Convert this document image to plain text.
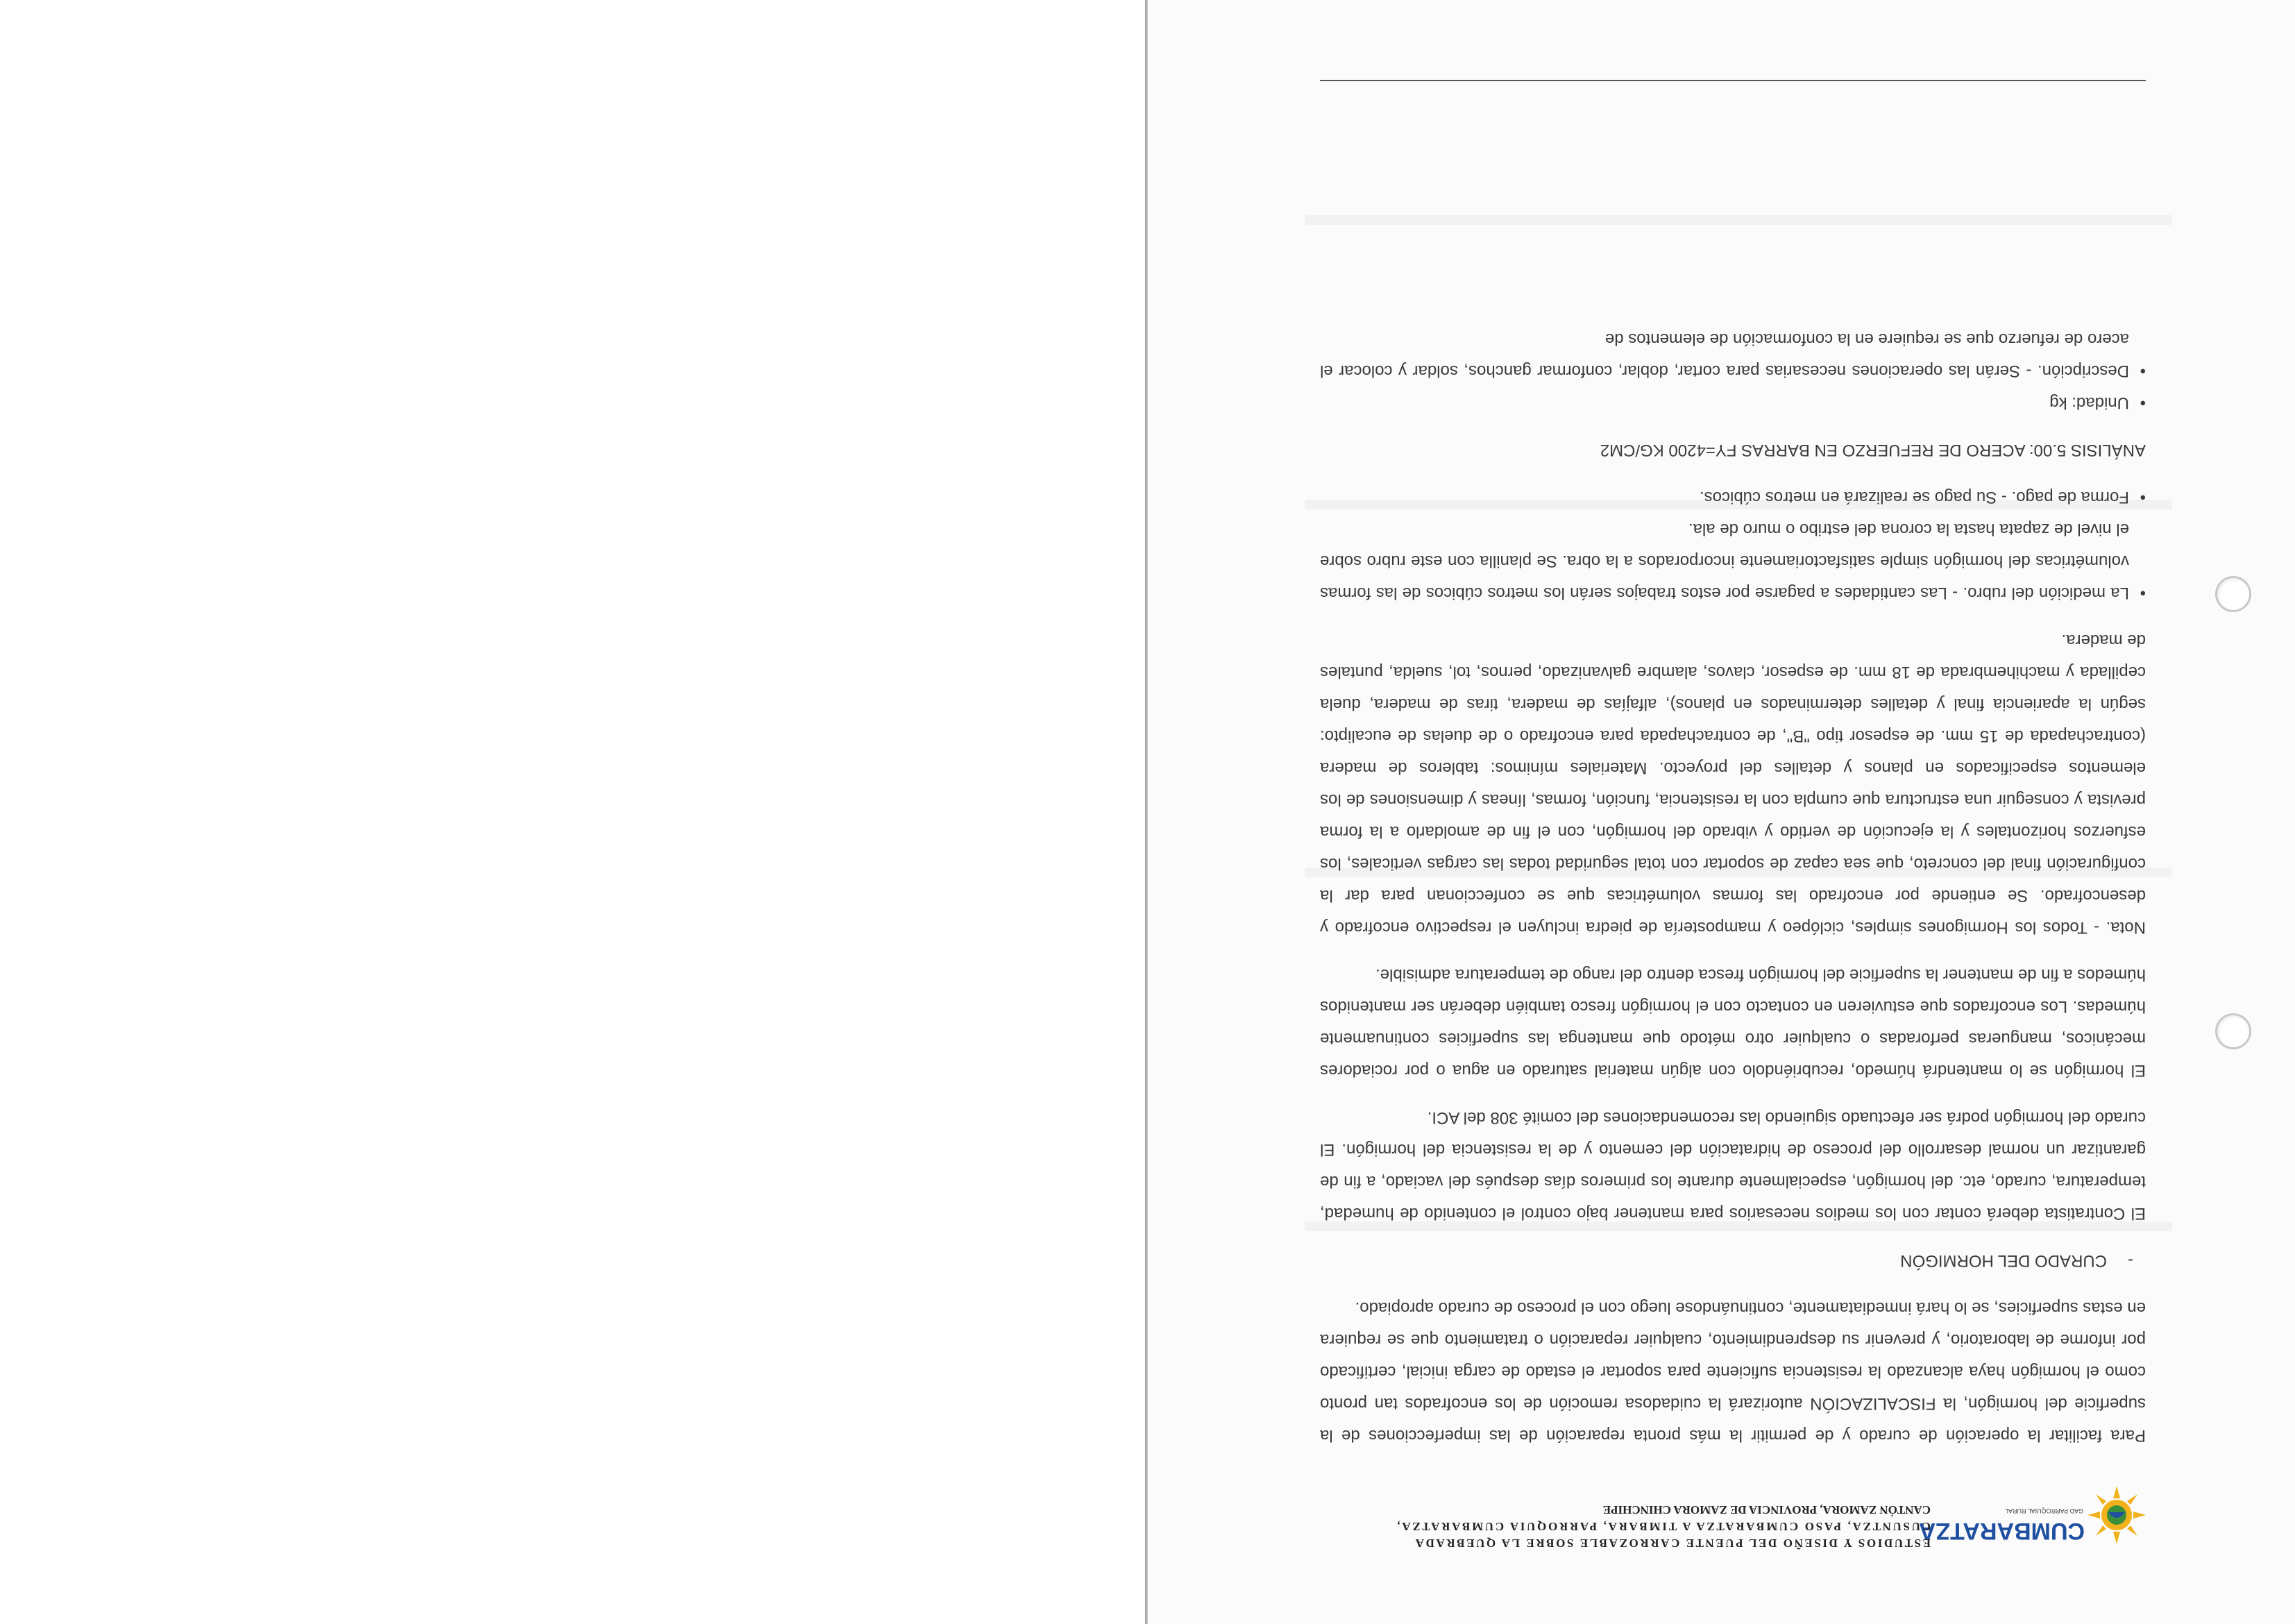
CUMBARATZA
GAD PARROQUIAL RURAL
ESTUDIOS Y DISEÑO DEL PUENTE CARROZABLE SOBRE LA QUEBRADA
CUSUNTZA, PASO CUMBARATZA A TIMBARA, PARROQUIA CUMBARATZA,
CANTÓN ZAMORA, PROVINCIA DE ZAMORA CHINCHIPE

Para facilitar la operación de curado y de permitir la más pronta reparación de las imperfecciones de la superficie del hormigón, la FISCALIZACIÓN autorizará la cuidadosa remoción de los encofrados tan pronto como el hormigón haya alcanzado la resistencia suficiente para soportar el estado de carga inicial, certificado por informe de laboratorio, y prevenir su desprendimiento, cualquier reparación o tratamiento que se requiera en estas superficies, se lo hará inmediatamente, continuándose luego con el proceso de curado apropiado.

-CURADO DEL HORMIGÓN

El Contratista deberá contar con los medios necesarios para mantener bajo control el contenido de humedad, temperatura, curado, etc. del hormigón, especialmente durante los primeros días después del vaciado, a fin de garantizar un normal desarrollo del proceso de hidratación del cemento y de la resistencia del hormigón. El curado del hormigón podrá ser efectuado siguiendo las recomendaciones del comité 308 del ACI.

El hormigón se lo mantendrá húmedo, recubriéndolo con algún material saturado en agua o por rociadores mecánicos, mangueras perforadas o cualquier otro método que mantenga las superficies continuamente húmedas. Los encofrados que estuvieren en contacto con el hormigón fresco también deberán ser mantenidos húmedos a fin de mantener la superficie del hormigón fresca dentro del rango de temperatura admisible.

Nota. - Todos los Hormigones simples, ciclópeo y mampostería de piedra incluyen el respectivo encofrado y desencofrado. Se entiende por encofrado las formas volumétricas que se confeccionan para dar la configuración final del concreto, que sea capaz de soportar con total seguridad todas las cargas verticales, los esfuerzos horizontales y la ejecución de vertido y vibrado del hormigón, con el fin de amoldarlo a la forma prevista y conseguir una estructura que cumpla con la resistencia, función, formas, líneas y dimensiones de los elementos especificados en planos y detalles del proyecto. Materiales mínimos: tableros de madera (contrachapada de 15 mm. de espesor tipo "B", de contrachapada para encofrado o de duelas de eucalipto: según la apariencia final y detalles determinados en planos), alfajías de madera, tiras de madera, duela cepillada y machihembrada de 18 mm. de espesor, clavos, alambre galvanizado, pernos, tol, suelda, puntales de madera.

• La medición del rubro. - Las cantidades a pagarse por estos trabajos serán los metros cúbicos de las formas volumétricas del hormigón simple satisfactoriamente incorporados a la obra. Se planilla con este rubro sobre el nivel de zapata hasta la corona del estribo o muro de ala.
• Forma de pago. - Su pago se realizará en metros cúbicos.
ANÁLISIS 5.00: ACERO DE REFUERZO EN BARRAS FY=4200 KG/CM2
• Unidad: kg
• Descripción. - Serán las operaciones necesarias para cortar, doblar, conformar ganchos, soldar y colocar el acero de refuerzo que se requiere en la conformación de elementos de
